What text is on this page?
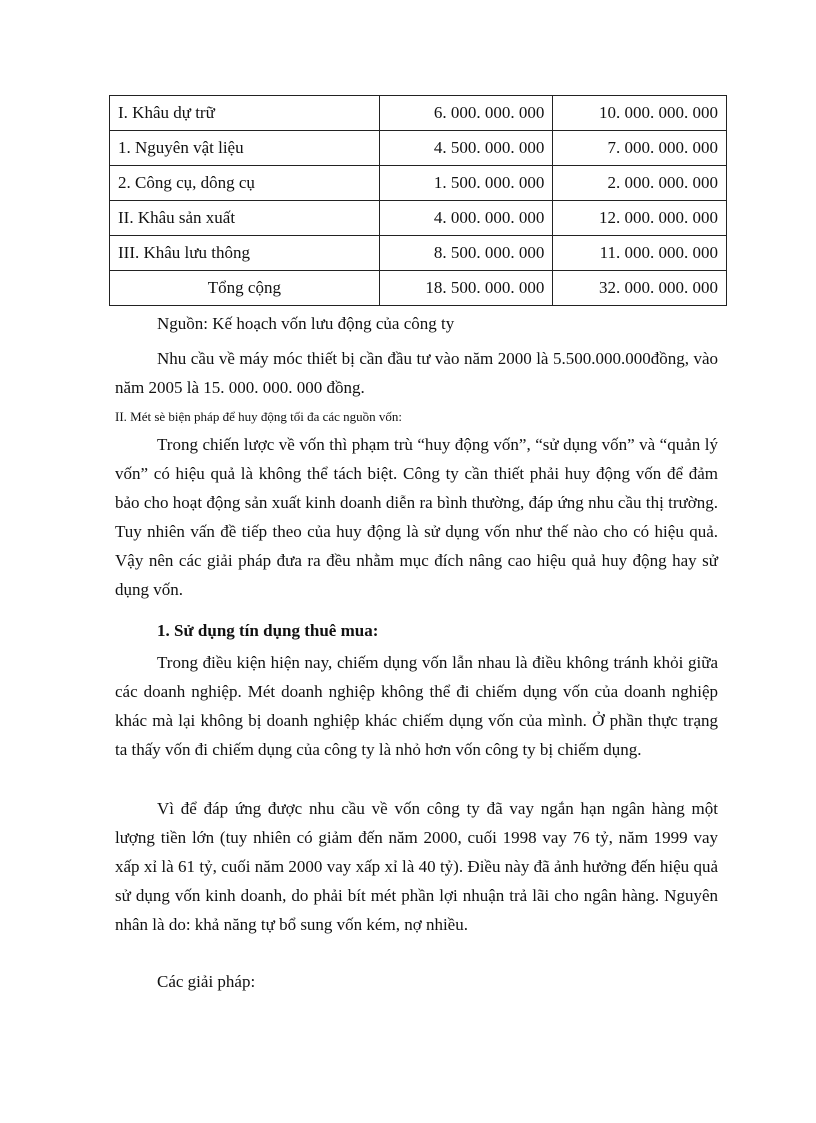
I. Khâu dự trữ	6. 000. 000. 000	10. 000. 000. 000
1. Nguyên vật liệu	4. 500. 000. 000	7. 000. 000. 000
2. Công cụ, dông cụ	1. 500. 000. 000	2. 000. 000. 000
II. Khâu sản xuất	4. 000. 000. 000	12. 000. 000. 000
III. Khâu lưu thông	8. 500. 000. 000	11. 000. 000. 000
Tổng cộng	18. 500. 000. 000	32. 000. 000. 000
Nguồn: Kế hoạch vốn lưu động của công ty
Nhu cầu về máy móc thiết bị cần đầu tư vào năm 2000 là 5.500.000.000đồng, vào năm 2005 là 15. 000. 000. 000 đồng.
II. Mét sè biện pháp để huy động tối đa các nguồn vốn:
Trong chiến lược về vốn thì phạm trù “huy động vốn”, “sử dụng vốn” và “quản lý vốn” có hiệu quả là không thể tách biệt. Công ty cần thiết phải huy động vốn để đảm bảo cho hoạt động sản xuất kinh doanh diễn ra bình thường, đáp ứng nhu cầu thị trường. Tuy nhiên vấn đề tiếp theo của huy động là sử dụng vốn như thế nào cho có hiệu quả. Vậy nên các giải pháp đưa ra đều nhằm mục đích nâng cao hiệu quả huy động hay sử dụng vốn.
1. Sử dụng tín dụng thuê mua:
Trong điều kiện hiện nay, chiếm dụng vốn lẫn nhau là điều không tránh khỏi giữa các doanh nghiệp. Mét doanh nghiệp không thể đi chiếm dụng vốn của doanh nghiệp khác mà lại không bị doanh nghiệp khác chiếm dụng vốn của mình. Ở phần thực trạng ta thấy vốn đi chiếm dụng của công ty là nhỏ hơn vốn công ty bị chiếm dụng.
Vì để đáp ứng được nhu cầu về vốn công ty đã vay ngắn hạn ngân hàng một lượng tiền lớn (tuy nhiên có giảm đến năm 2000, cuối 1998 vay 76 tỷ, năm 1999 vay xấp xỉ là 61 tỷ, cuối năm 2000 vay xấp xỉ là 40 tỷ). Điều này đã ảnh hưởng đến hiệu quả sử dụng vốn kinh doanh, do phải bít mét phần lợi nhuận trả lãi cho ngân hàng. Nguyên nhân là do: khả năng tự bổ sung vốn kém, nợ nhiều.
Các giải pháp:
